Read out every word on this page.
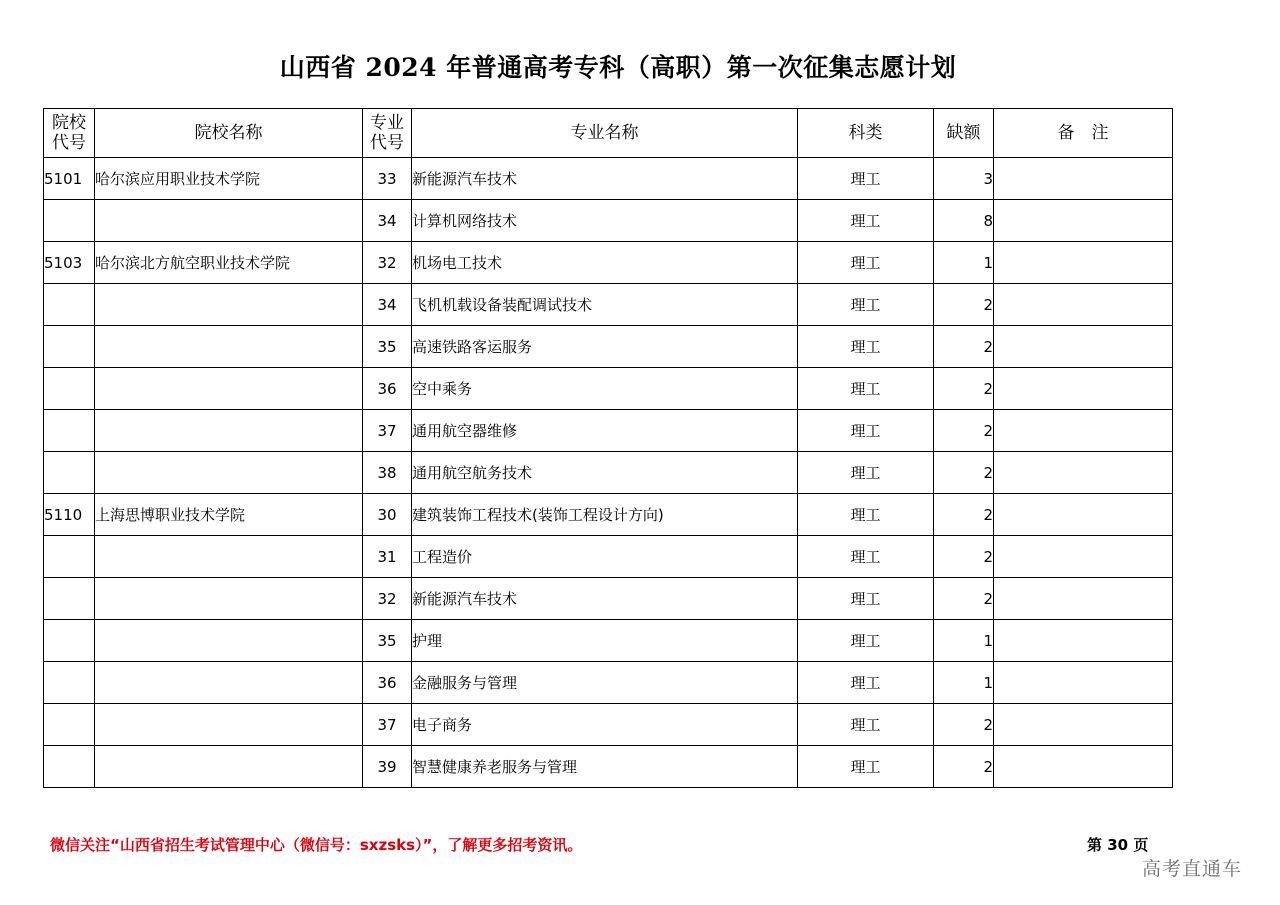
山西省 2024 年普通高考专科（高职）第一次征集志愿计划
院校代号	院校名称	专业代号	专业名称	科类	缺额	备　注
5101	哈尔滨应用职业技术学院	33	新能源汽车技术	理工	3	
		34	计算机网络技术	理工	8	
5103	哈尔滨北方航空职业技术学院	32	机场电工技术	理工	1	
		34	飞机机载设备装配调试技术	理工	2	
		35	高速铁路客运服务	理工	2	
		36	空中乘务	理工	2	
		37	通用航空器维修	理工	2	
		38	通用航空航务技术	理工	2	
5110	上海思博职业技术学院	30	建筑装饰工程技术(装饰工程设计方向)	理工	2	
		31	工程造价	理工	2	
		32	新能源汽车技术	理工	2	
		35	护理	理工	1	
		36	金融服务与管理	理工	1	
		37	电子商务	理工	2	
		39	智慧健康养老服务与管理	理工	2	
微信关注“山西省招生考试管理中心（微信号：sxzsks）”，了解更多招考资讯。	第 30 页
高考直通车
